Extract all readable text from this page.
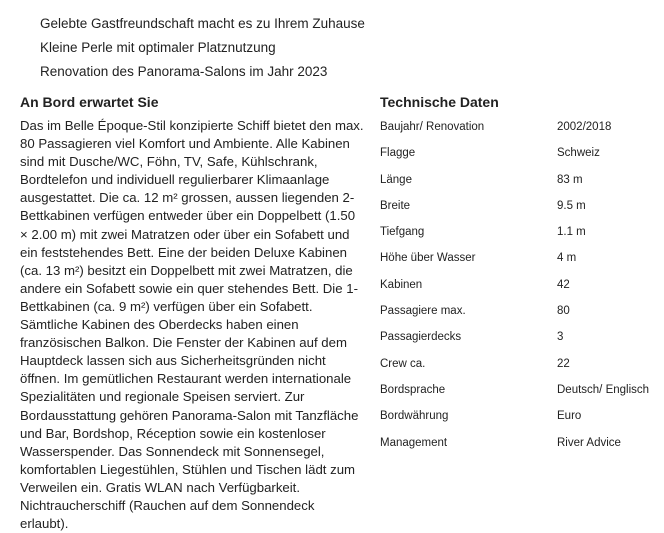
Gelebte Gastfreundschaft macht es zu Ihrem Zuhause
Kleine Perle mit optimaler Platznutzung
Renovation des Panorama-Salons im Jahr 2023
An Bord erwartet Sie

Das im Belle Époque-Stil konzipierte Schiff bietet den max. 80 Passagieren viel Komfort und Ambiente. Alle Kabinen sind mit Dusche/WC, Föhn, TV, Safe, Kühlschrank, Bordtelefon und individuell regulierbarer Klimaanlage ausgestattet. Die ca. 12 m² grossen, aussen liegenden 2-Bettkabinen verfügen entweder über ein Doppelbett (1.50 × 2.00 m) mit zwei Matratzen oder über ein Sofabett und ein feststehendes Bett. Eine der beiden Deluxe Kabinen (ca. 13 m²) besitzt ein Doppelbett mit zwei Matratzen, die andere ein Sofabett sowie ein quer stehendes Bett. Die 1-Bettkabinen (ca. 9 m²) verfügen über ein Sofabett. Sämtliche Kabinen des Oberdecks haben einen französischen Balkon. Die Fenster der Kabinen auf dem Hauptdeck lassen sich aus Sicherheitsgründen nicht öffnen. Im gemütlichen Restaurant werden internationale Spezialitäten und regionale Speisen serviert. Zur Bordausstattung gehören Panorama-Salon mit Tanzfläche und Bar, Bordshop, Réception sowie ein kostenloser Wasserspender. Das Sonnendeck mit Sonnensegel, komfortablen Liegestühlen, Stühlen und Tischen lädt zum Verweilen ein. Gratis WLAN nach Verfügbarkeit. Nichtraucherschiff (Rauchen auf dem Sonnendeck erlaubt).

Technische Daten
Baujahr/ Renovation	2002/2018
Flagge	Schweiz
Länge	83 m
Breite	9.5 m
Tiefgang	1.1 m
Höhe über Wasser	4 m
Kabinen	42
Passagiere max.	80
Passagierdecks	3
Crew ca.	22
Bordsprache	Deutsch/ Englisch
Bordwährung	Euro
Management	River Advice
